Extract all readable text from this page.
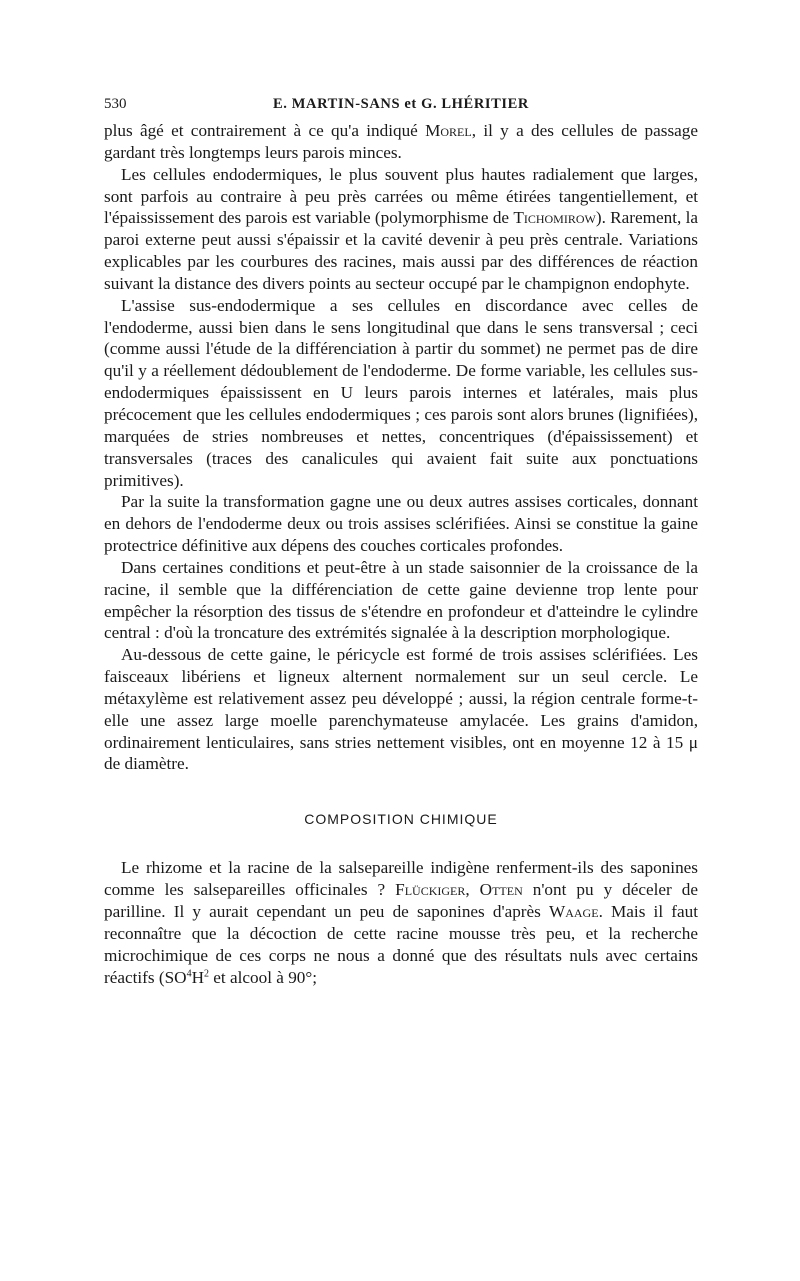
530	E. MARTIN-SANS et G. LHÉRITIER

plus âgé et contrairement à ce qu'a indiqué Morel, il y a des cellules de passage gardant très longtemps leurs parois minces.

Les cellules endodermiques, le plus souvent plus hautes radialement que larges, sont parfois au contraire à peu près carrées ou même étirées tangentiellement, et l'épaississement des parois est variable (polymorphisme de Tichomirow). Rarement, la paroi externe peut aussi s'épaissir et la cavité devenir à peu près centrale. Variations explicables par les courbures des racines, mais aussi par des différences de réaction suivant la distance des divers points au secteur occupé par le champignon endophyte.

L'assise sus-endodermique a ses cellules en discordance avec celles de l'endoderme, aussi bien dans le sens longitudinal que dans le sens transversal ; ceci (comme aussi l'étude de la différenciation à partir du sommet) ne permet pas de dire qu'il y a réellement dédoublement de l'endoderme. De forme variable, les cellules sus-endodermiques épaississent en U leurs parois internes et latérales, mais plus précocement que les cellules endodermiques ; ces parois sont alors brunes (lignifiées), marquées de stries nombreuses et nettes, concentriques (d'épaississement) et transversales (traces des canalicules qui avaient fait suite aux ponctuations primitives).

Par la suite la transformation gagne une ou deux autres assises corticales, donnant en dehors de l'endoderme deux ou trois assises sclérifiées. Ainsi se constitue la gaine protectrice définitive aux dépens des couches corticales profondes.

Dans certaines conditions et peut-être à un stade saisonnier de la croissance de la racine, il semble que la différenciation de cette gaine devienne trop lente pour empêcher la résorption des tissus de s'étendre en profondeur et d'atteindre le cylindre central : d'où la troncature des extrémités signalée à la description morphologique.

Au-dessous de cette gaine, le péricycle est formé de trois assises sclérifiées. Les faisceaux libériens et ligneux alternent normalement sur un seul cercle. Le métaxylème est relativement assez peu développé ; aussi, la région centrale forme-t-elle une assez large moelle parenchymateuse amylacée. Les grains d'amidon, ordinairement lenticulaires, sans stries nettement visibles, ont en moyenne 12 à 15 μ de diamètre.

COMPOSITION CHIMIQUE

Le rhizome et la racine de la salsepareille indigène renferment-ils des saponines comme les salsepareilles officinales ? Flückiger, Otten n'ont pu y déceler de parilline. Il y aurait cependant un peu de saponines d'après Waage. Mais il faut reconnaître que la décoction de cette racine mousse très peu, et la recherche microchimique de ces corps ne nous a donné que des résultats nuls avec certains réactifs ($SO^4H^2$ et alcool à 90°;
